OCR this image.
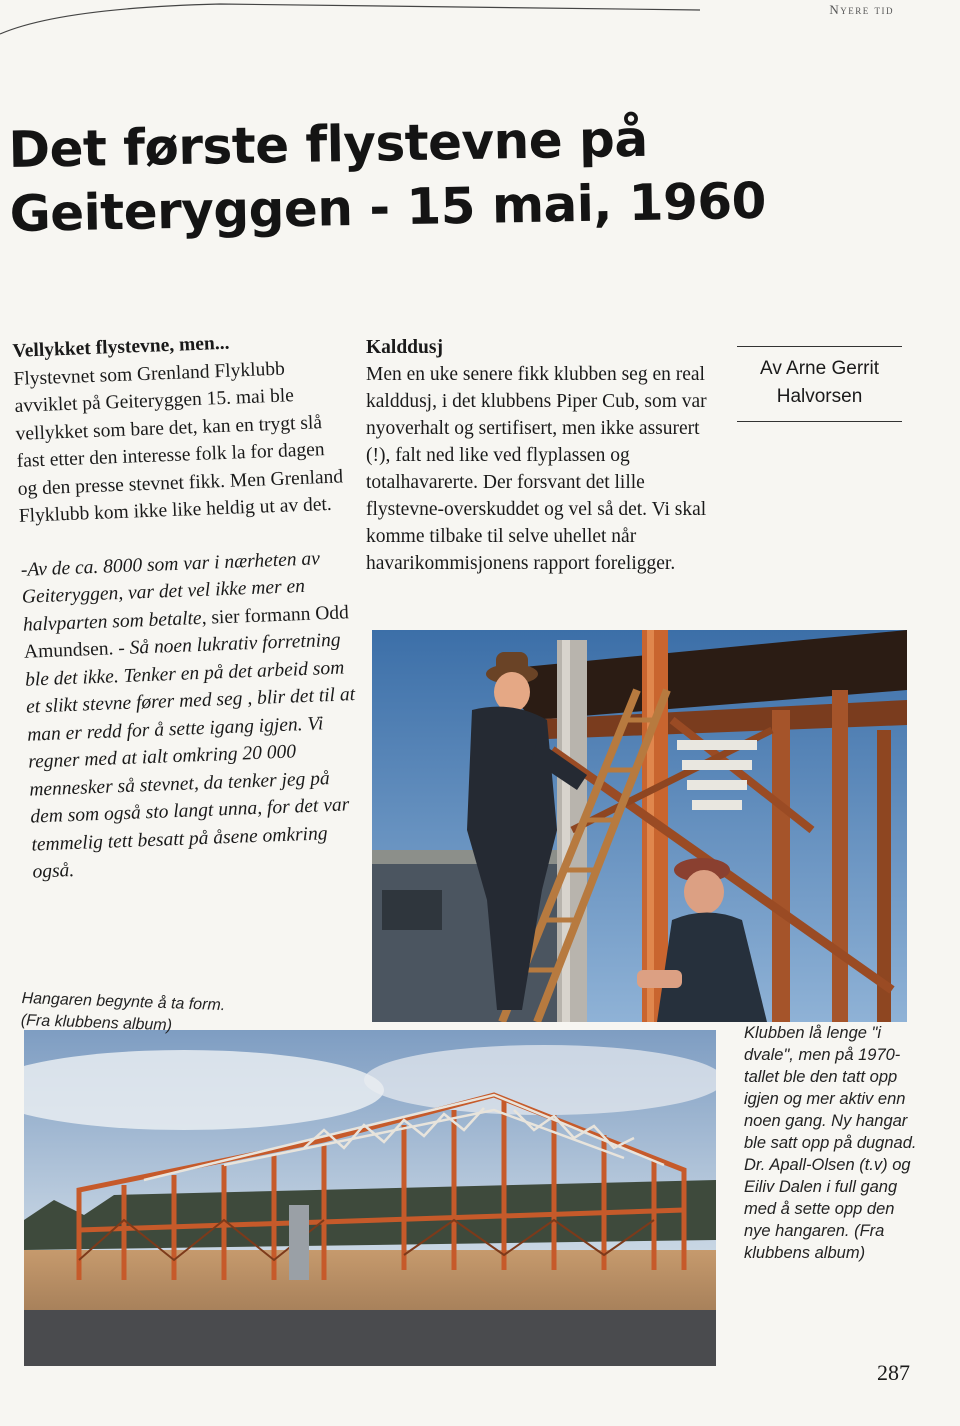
Nyere tid
Det første flystevne på
Geiteryggen - 15 mai, 1960
Vellykket flystevne, men...

Flystevnet som Grenland Flyklubb avviklet på Geiteryggen 15. mai ble vellykket som bare det, kan en trygt slå fast etter den interesse folk la for dagen og den presse stevnet fikk. Men Grenland Flyklubb kom ikke like heldig ut av det.

-Av de ca. 8000 som var i nærheten av Geiteryggen, var det vel ikke mer en halvparten som betalte, sier formann Odd Amundsen. - Så noen lukrativ forretning ble det ikke. Tenker en på det arbeid som et slikt stevne fører med seg , blir det til at man er redd for å sette igang igjen. Vi regner med at ialt omkring 20 000 mennesker så stevnet, da tenker jeg på dem som også sto langt unna, for det var temmelig tett besatt på åsene omkring også.

Kalddusj

Men en uke senere fikk klubben seg en real kalddusj, i det klubbens Piper Cub, som var nyoverhalt og sertifisert, men ikke assurert (!), falt ned like ved flyplassen og totalhavarerte. Der forsvant det lille flystevne-overskuddet og vel så det. Vi skal komme tilbake til selve uhellet når havarikommisjonens rapport foreligger.

Av Arne Gerrit
Halvorsen
Hangaren begynte å ta form.
(Fra klubbens album)	Klubben lå lenge "i dvale", men på 1970-tallet ble den tatt opp igjen og mer aktiv enn noen gang. Ny hangar ble satt opp på dugnad. Dr. Apall-Olsen (t.v) og Eiliv Dalen i full gang med å sette opp den nye hangaren. (Fra klubbens album)
287
